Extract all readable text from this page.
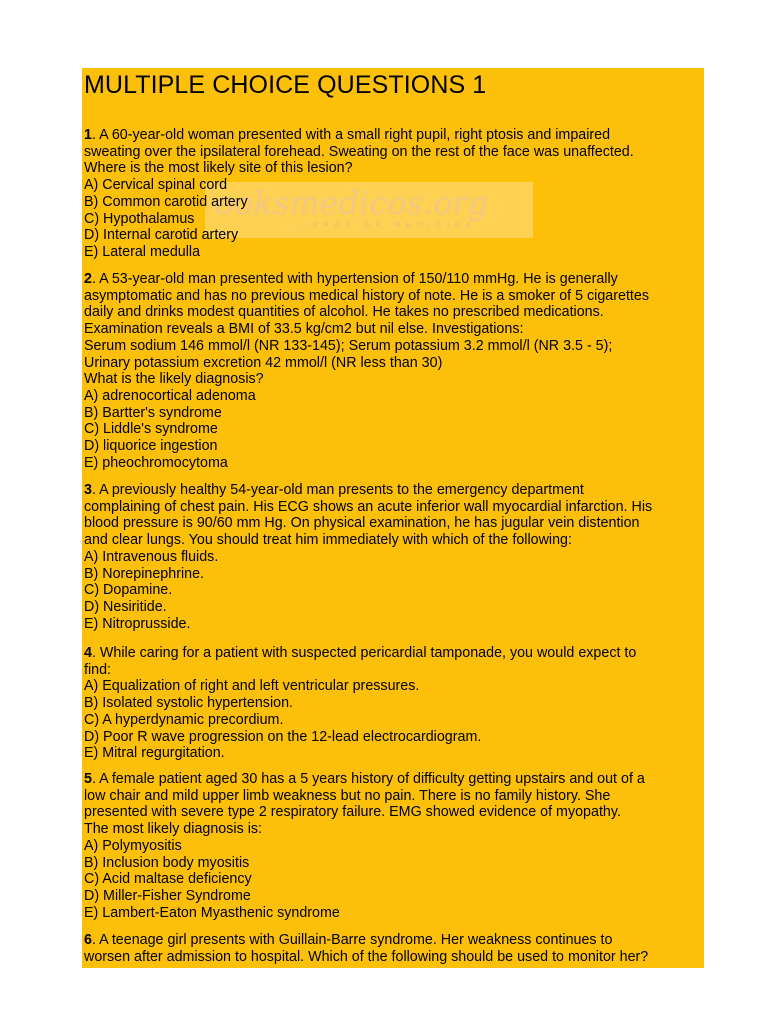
MULTIPLE CHOICE QUESTIONS 1
ooksmedicos.org
LIBROS DE MEDICINA
1. A 60-year-old woman presented with a small right pupil, right ptosis and impaired
sweating over the ipsilateral forehead. Sweating on the rest of the face was unaffected.
Where is the most likely site of this lesion?
A) Cervical spinal cord
B) Common carotid artery
C) Hypothalamus
D) Internal carotid artery
E) Lateral medulla
2. A 53-year-old man presented with hypertension of 150/110 mmHg. He is generally
asymptomatic and has no previous medical history of note. He is a smoker of 5 cigarettes
daily and drinks modest quantities of alcohol. He takes no prescribed medications.
Examination reveals a BMI of 33.5 kg/cm2 but nil else. Investigations:
Serum sodium 146 mmol/l (NR 133-145); Serum potassium 3.2 mmol/l (NR 3.5 - 5);
Urinary potassium excretion 42 mmol/l (NR less than 30)
What is the likely diagnosis?
A) adrenocortical adenoma
B) Bartter's syndrome
C) Liddle's syndrome
D) liquorice ingestion
E) pheochromocytoma
3. A previously healthy 54-year-old man presents to the emergency department
complaining of chest pain. His ECG shows an acute inferior wall myocardial infarction. His
blood pressure is 90/60 mm Hg. On physical examination, he has jugular vein distention
and clear lungs. You should treat him immediately with which of the following:
A) Intravenous fluids.
B) Norepinephrine.
C) Dopamine.
D) Nesiritide.
E) Nitroprusside.
4. While caring for a patient with suspected pericardial tamponade, you would expect to
find:
A) Equalization of right and left ventricular pressures.
B) Isolated systolic hypertension.
C) A hyperdynamic precordium.
D) Poor R wave progression on the 12-lead electrocardiogram.
E) Mitral regurgitation.
5. A female patient aged 30 has a 5 years history of difficulty getting upstairs and out of a
low chair and mild upper limb weakness but no pain. There is no family history. She
presented with severe type 2 respiratory failure. EMG showed evidence of myopathy.
The most likely diagnosis is:
A) Polymyositis
B) Inclusion body myositis
C) Acid maltase deficiency
D) Miller-Fisher Syndrome
E) Lambert-Eaton Myasthenic syndrome
6. A teenage girl presents with Guillain-Barre syndrome. Her weakness continues to
worsen after admission to hospital. Which of the following should be used to monitor her?
